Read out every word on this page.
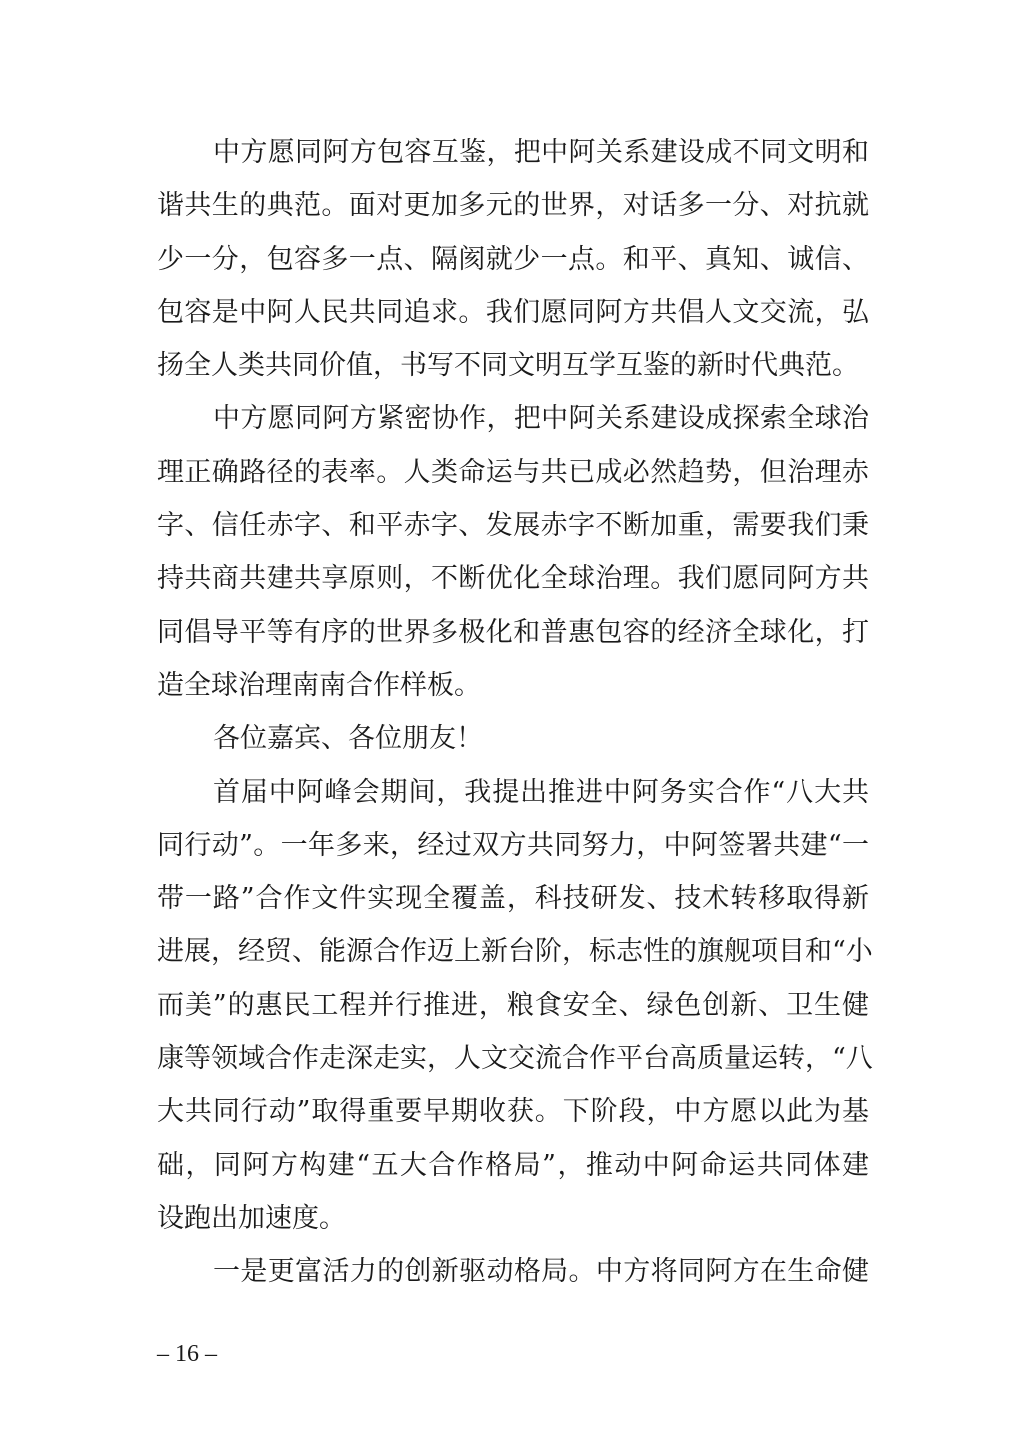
中方愿同阿方包容互鉴，把中阿关系建设成不同文明和
谐共生的典范。面对更加多元的世界，对话多一分、对抗就
少一分，包容多一点、隔阂就少一点。和平、真知、诚信、
包容是中阿人民共同追求。我们愿同阿方共倡人文交流，弘
扬全人类共同价值，书写不同文明互学互鉴的新时代典范。
中方愿同阿方紧密协作，把中阿关系建设成探索全球治
理正确路径的表率。人类命运与共已成必然趋势，但治理赤
字、信任赤字、和平赤字、发展赤字不断加重，需要我们秉
持共商共建共享原则，不断优化全球治理。我们愿同阿方共
同倡导平等有序的世界多极化和普惠包容的经济全球化，打
造全球治理南南合作样板。
各位嘉宾、各位朋友！
首届中阿峰会期间，我提出推进中阿务实合作“八大共
同行动”。一年多来，经过双方共同努力，中阿签署共建“一
带一路”合作文件实现全覆盖，科技研发、技术转移取得新
进展，经贸、能源合作迈上新台阶，标志性的旗舰项目和“小
而美”的惠民工程并行推进，粮食安全、绿色创新、卫生健
康等领域合作走深走实，人文交流合作平台高质量运转，“八
大共同行动”取得重要早期收获。下阶段，中方愿以此为基
础，同阿方构建“五大合作格局”，推动中阿命运共同体建
设跑出加速度。
一是更富活力的创新驱动格局。中方将同阿方在生命健
– 16 –
